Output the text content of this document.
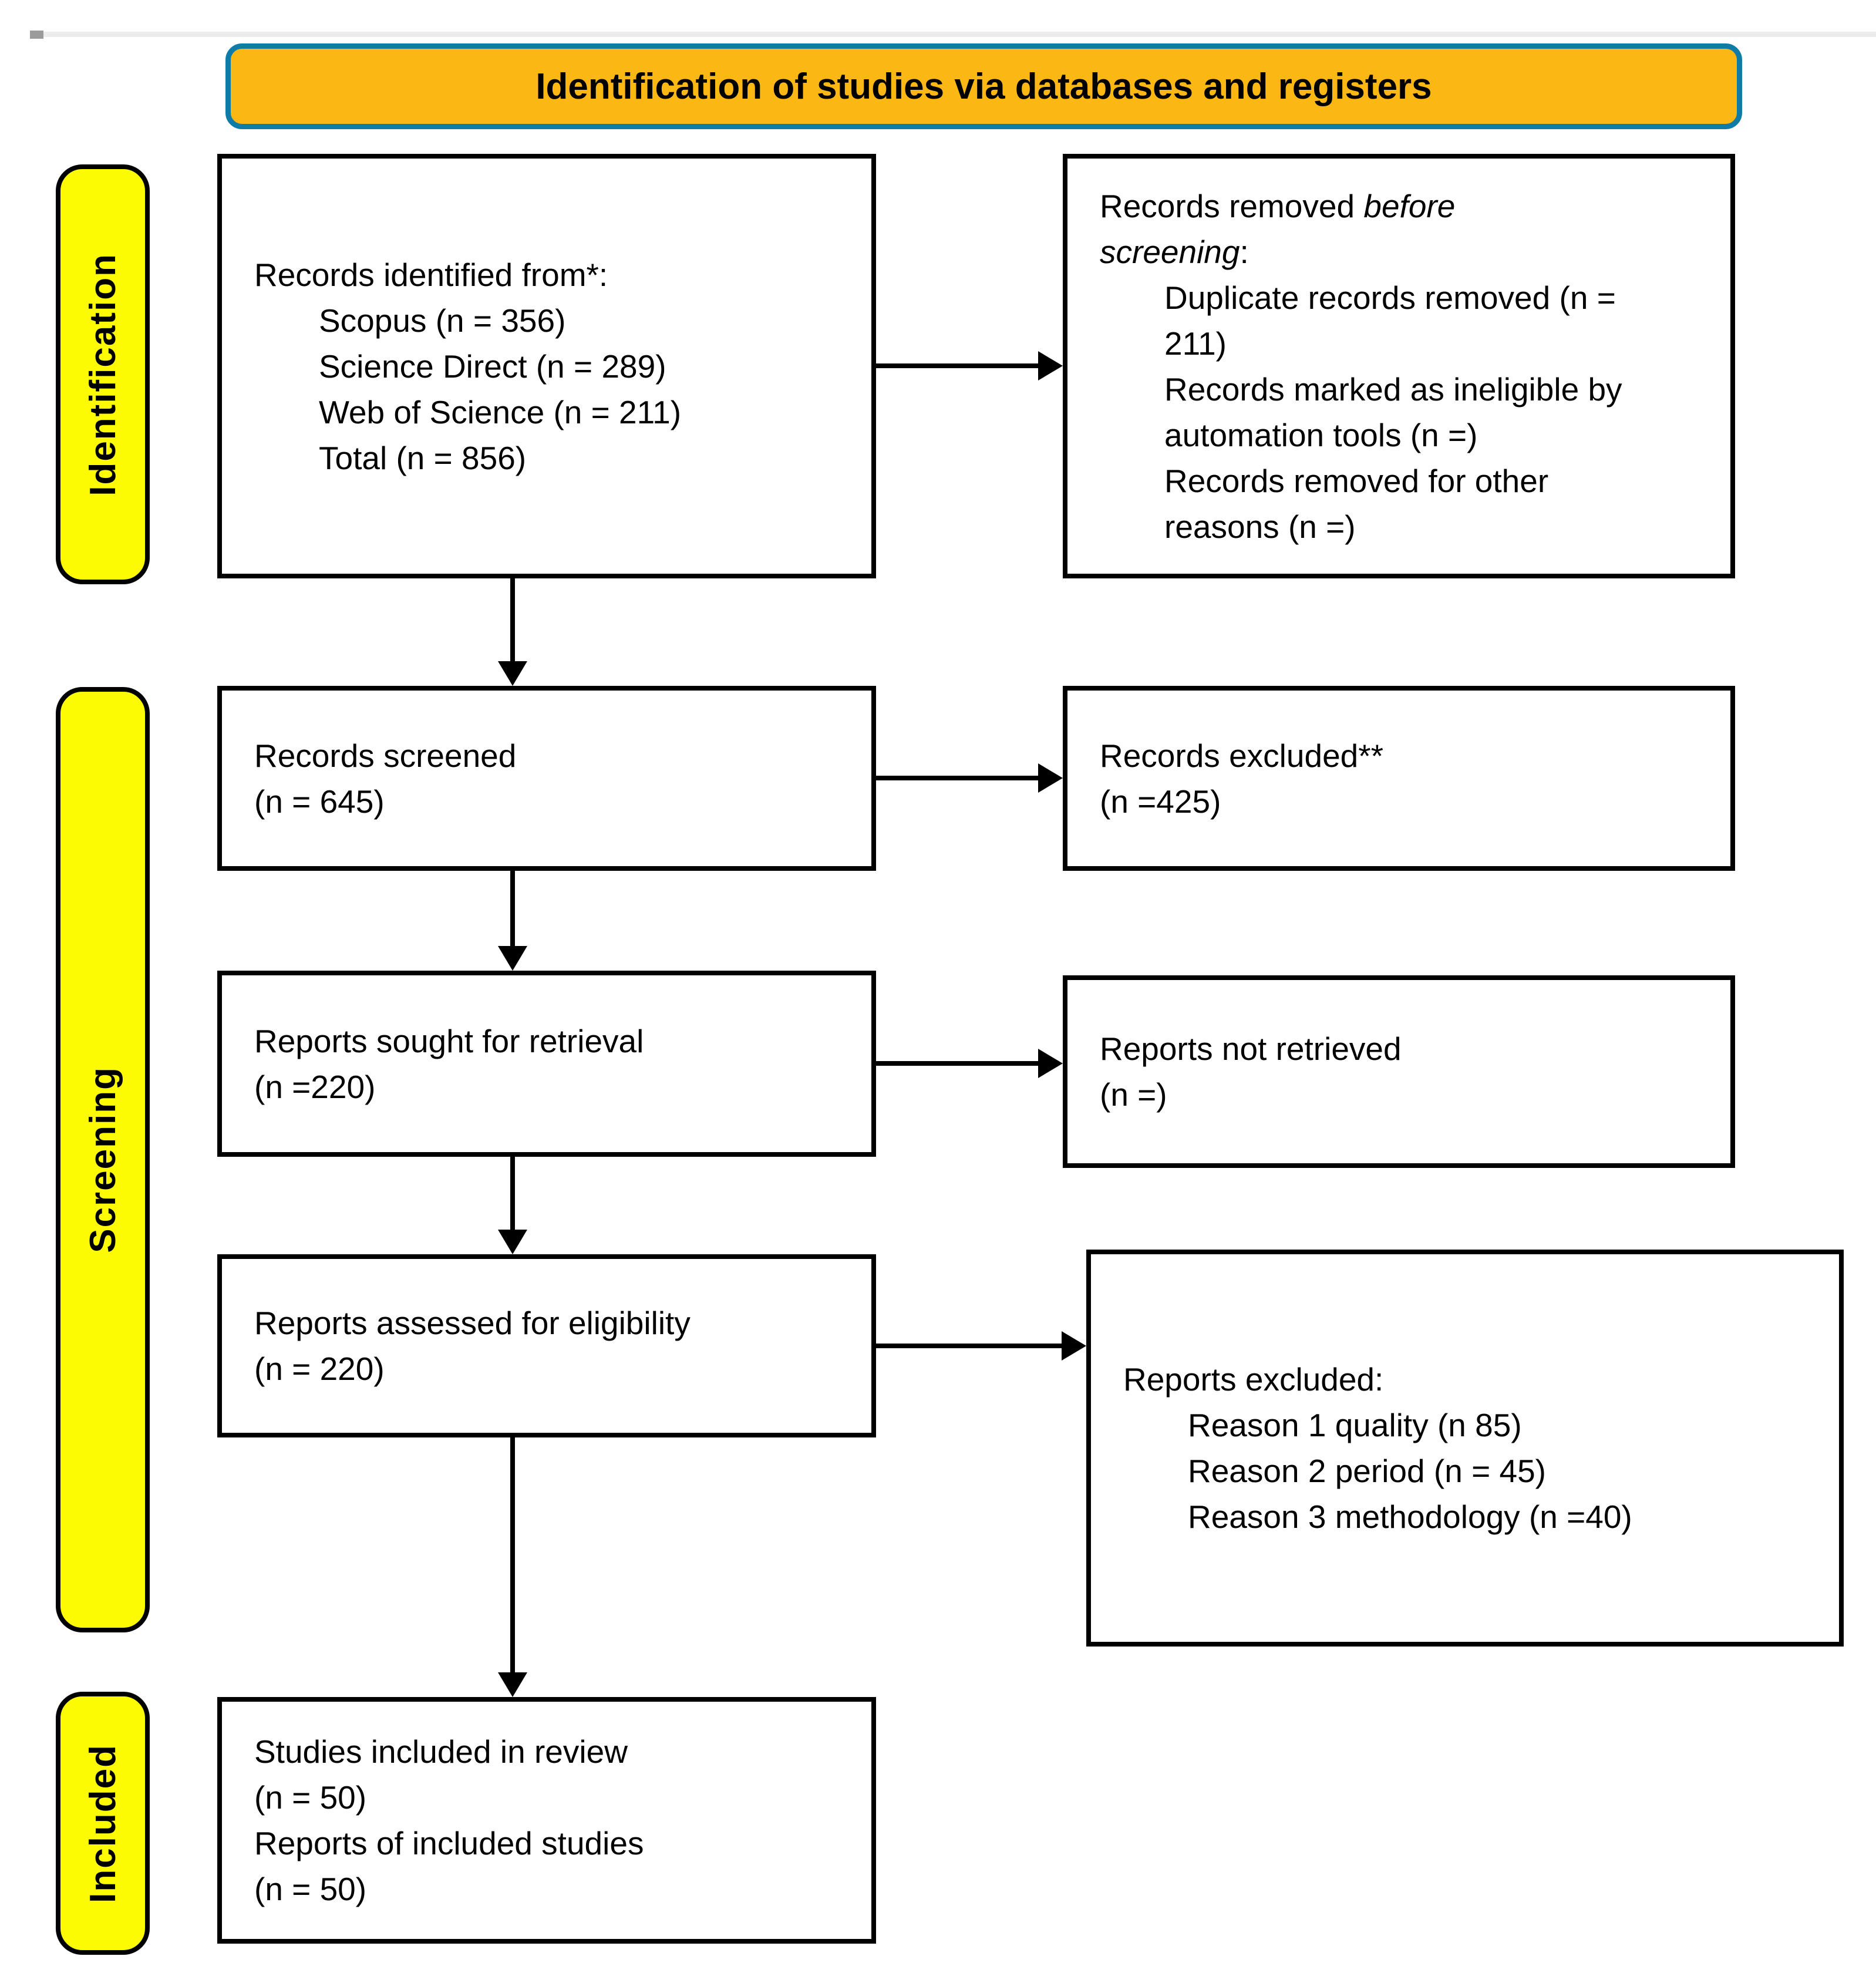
Identification of studies via databases and registers
Identification
Screening
Included
Records identified from*:
Scopus (n = 356)
Science Direct (n = 289)
Web of Science (n = 211)
Total (n = 856)
Records removed before
screening:
Duplicate records removed (n = 211)
Records marked as ineligible by automation tools (n =)
Records removed for other reasons (n =)
Records screened
(n = 645)
Records excluded**
(n =425)
Reports sought for retrieval
(n =220)
Reports not retrieved
(n =)
Reports assessed for eligibility
(n = 220)	Reports excluded:
Reason 1 quality (n 85)
Reason 2 period (n = 45)
Reason 3 methodology (n =40)
Studies included in review
(n = 50)
Reports of included studies
(n = 50)
